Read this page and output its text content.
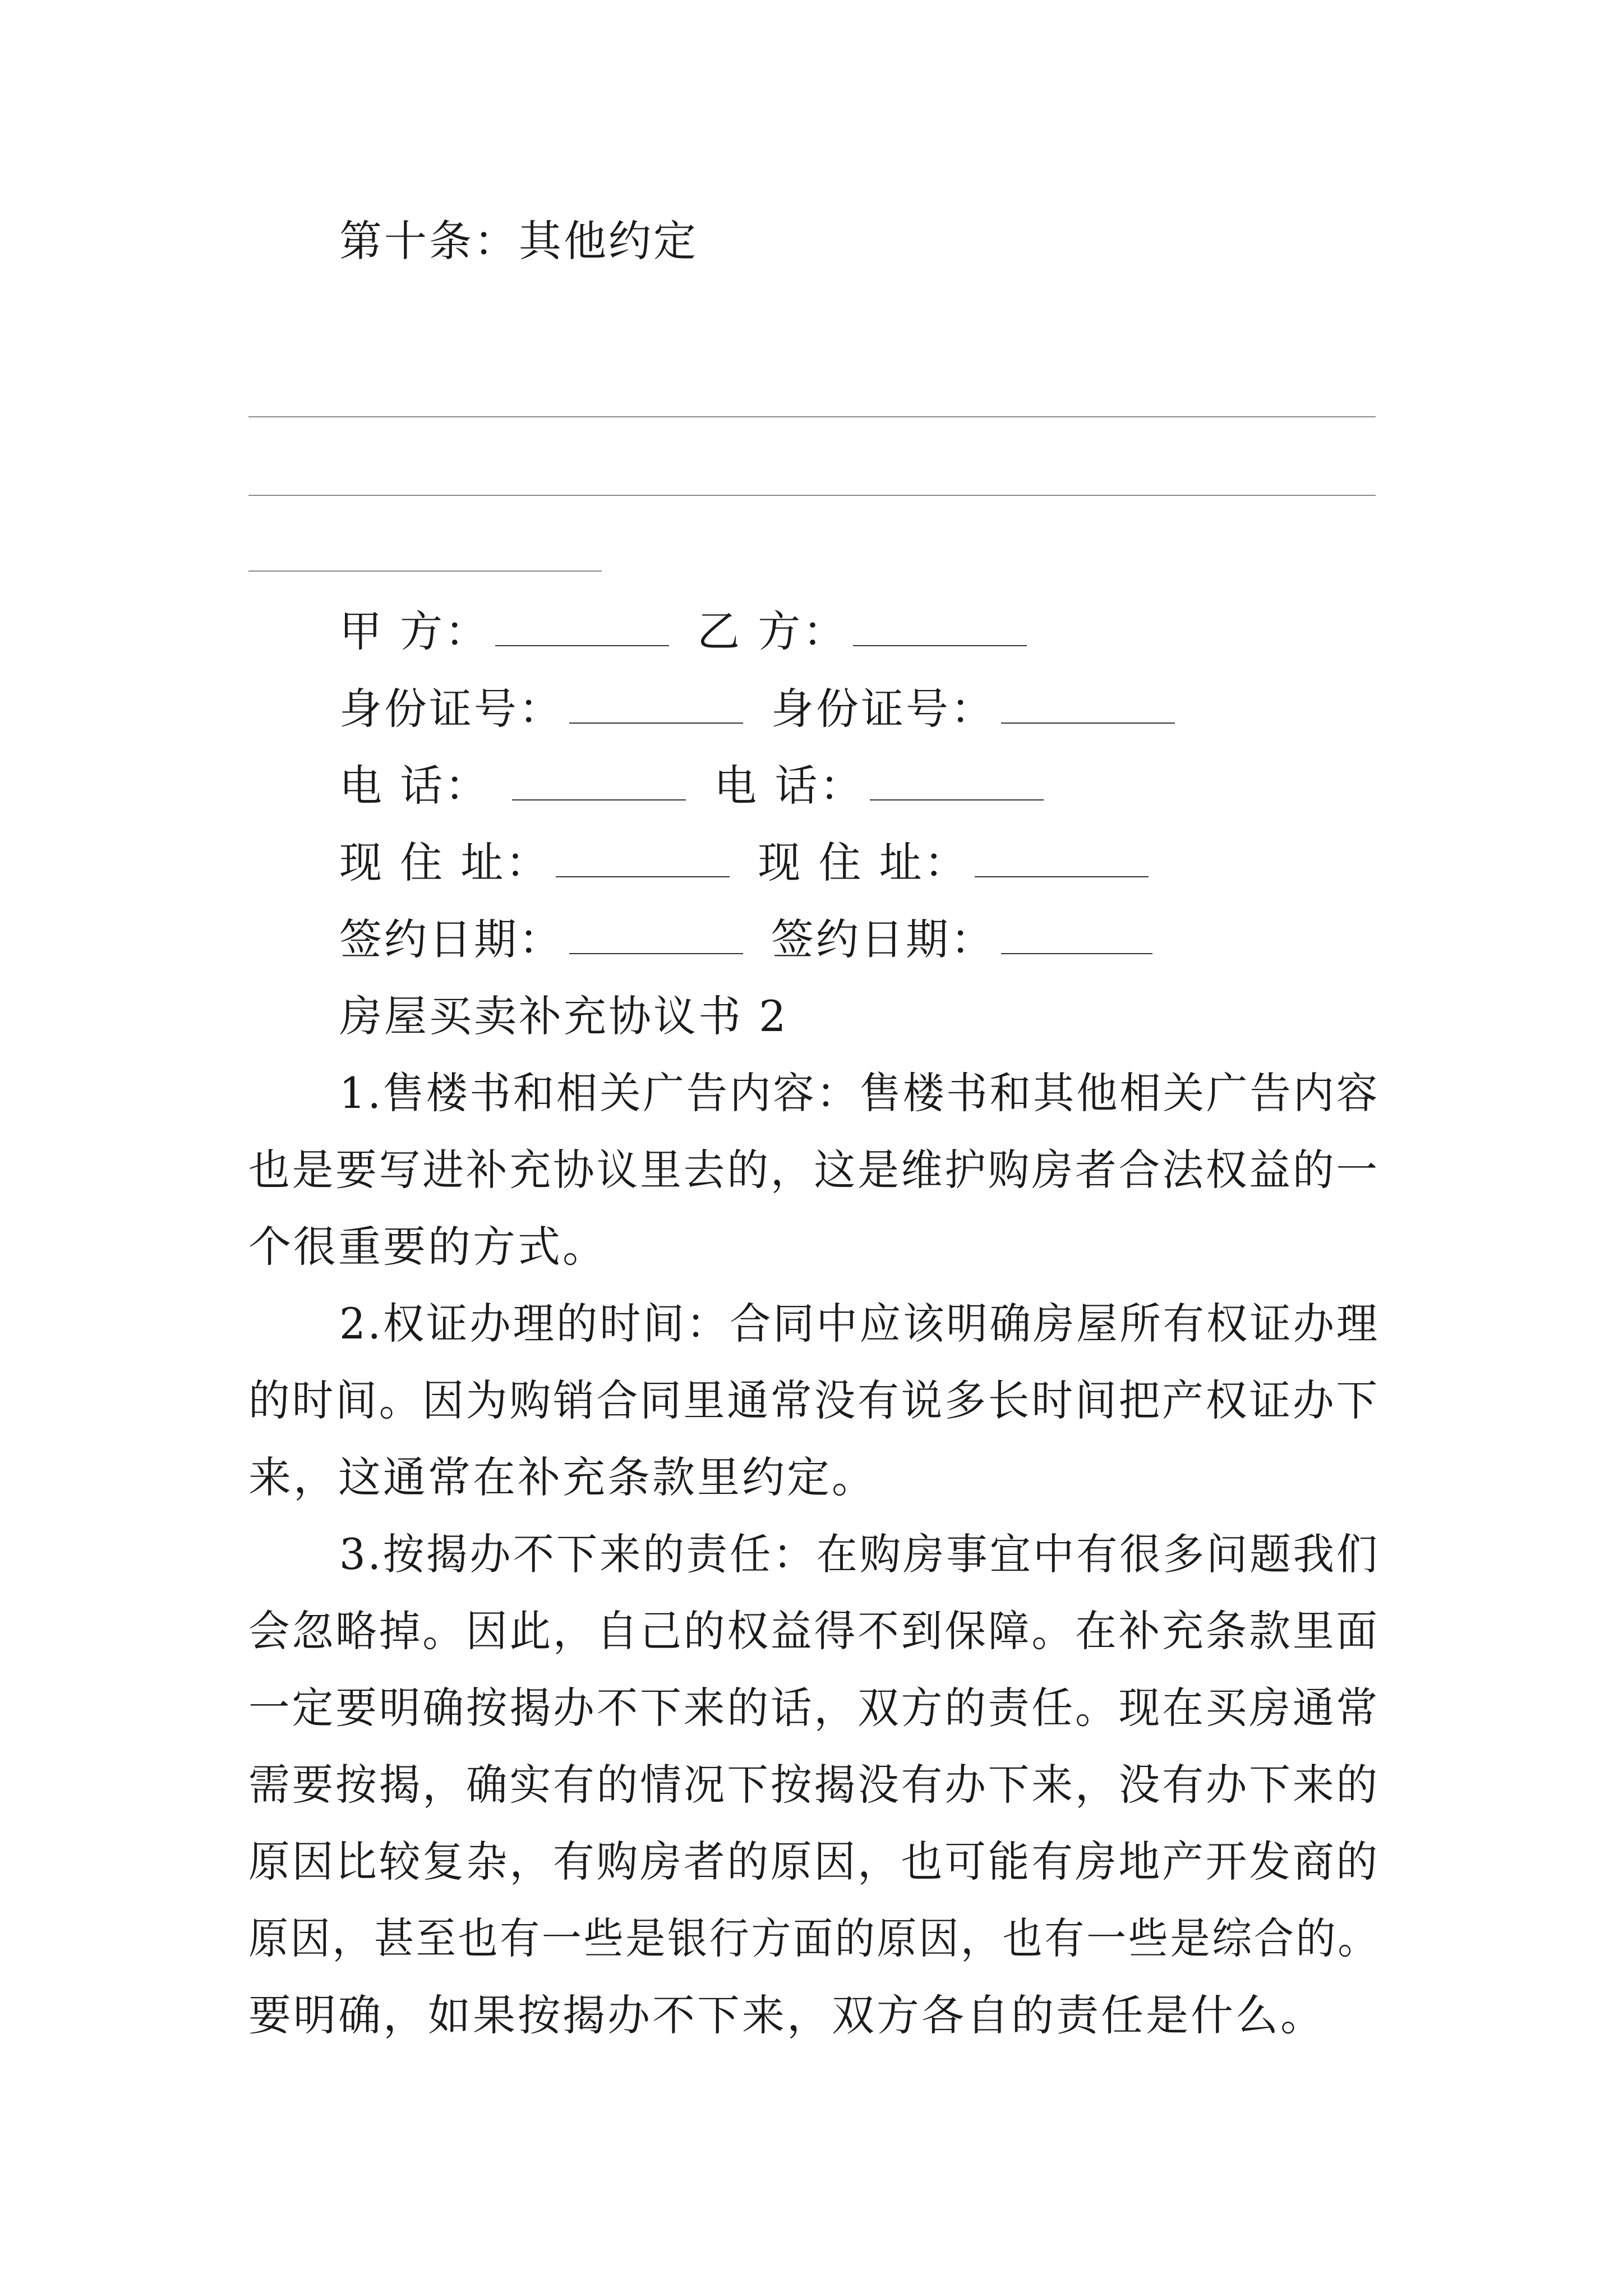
第十条：其他约定
甲 方：	乙 方：
身份证号：	身份证号：
电 话：	电 话：
现 住 址：	现 住 址：
签约日期：	签约日期：
房屋买卖补充协议书 2
1.售楼书和相关广告内容：售楼书和其他相关广告内容
也是要写进补充协议里去的，这是维护购房者合法权益的一
个很重要的方式。
2.权证办理的时间：合同中应该明确房屋所有权证办理
的时间。因为购销合同里通常没有说多长时间把产权证办下
来，这通常在补充条款里约定。
3.按揭办不下来的责任：在购房事宜中有很多问题我们
会忽略掉。因此，自己的权益得不到保障。在补充条款里面
一定要明确按揭办不下来的话，双方的责任。现在买房通常
需要按揭，确实有的情况下按揭没有办下来，没有办下来的
原因比较复杂，有购房者的原因，也可能有房地产开发商的
原因，甚至也有一些是银行方面的原因，也有一些是综合的。
要明确，如果按揭办不下来，双方各自的责任是什么。
